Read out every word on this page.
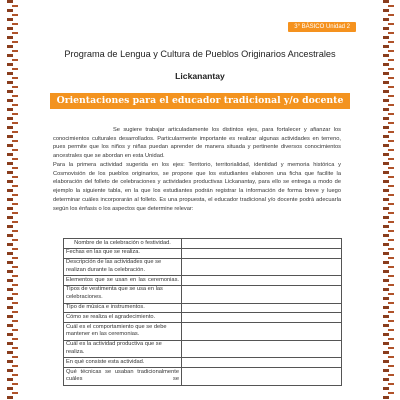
3° BÁSICO Unidad 2
Programa de Lengua y Cultura de Pueblos Originarios Ancestrales
Lickanantay
Orientaciones para el educador tradicional y/o docente

Se sugiere trabajar articuladamente los distintos ejes, para fortalecer y afianzar los conocimientos culturales desarrollados. Particularmente importante es realizar algunas actividades en terreno, pues permite que los niños y niñas puedan aprender de manera situada y pertinente diversos conocimientos ancestrales que se abordan en esta Unidad.

Para la primera actividad sugerida en los ejes: Territorio, territorialidad, identidad y memoria histórica y Cosmovisión de los pueblos originarios, se propone que los estudiantes elaboren una ficha que facilite la elaboración del folleto de celebraciones y actividades productivas Lickanantay, para ello se entrega a modo de ejemplo la siguiente tabla, en la que los estudiantes podrán registrar la información de forma breve y luego determinar cuáles incorporarán al folleto. Es una propuesta, el educador tradicional y/o docente podrá adecuarla según los énfasis o los aspectos que determine relevar:

Nombre de la celebración o festividad.	
Fechas en las que se realiza.	
Descripción de las actividades que se realizan durante la celebración.	
Elementos que se usan en las ceremonias.	
Tipos de vestimenta que se usa en las celebraciones.	
Tipo de música e instrumentos.	
Cómo se realiza el agradecimiento.	
Cuál es el comportamiento que se debe mantener en las ceremonias.	
Cuál es la actividad productiva que se realiza.	
En qué consiste esta actividad.	
Qué técnicas se usaban tradicionalmente cuáles se	
